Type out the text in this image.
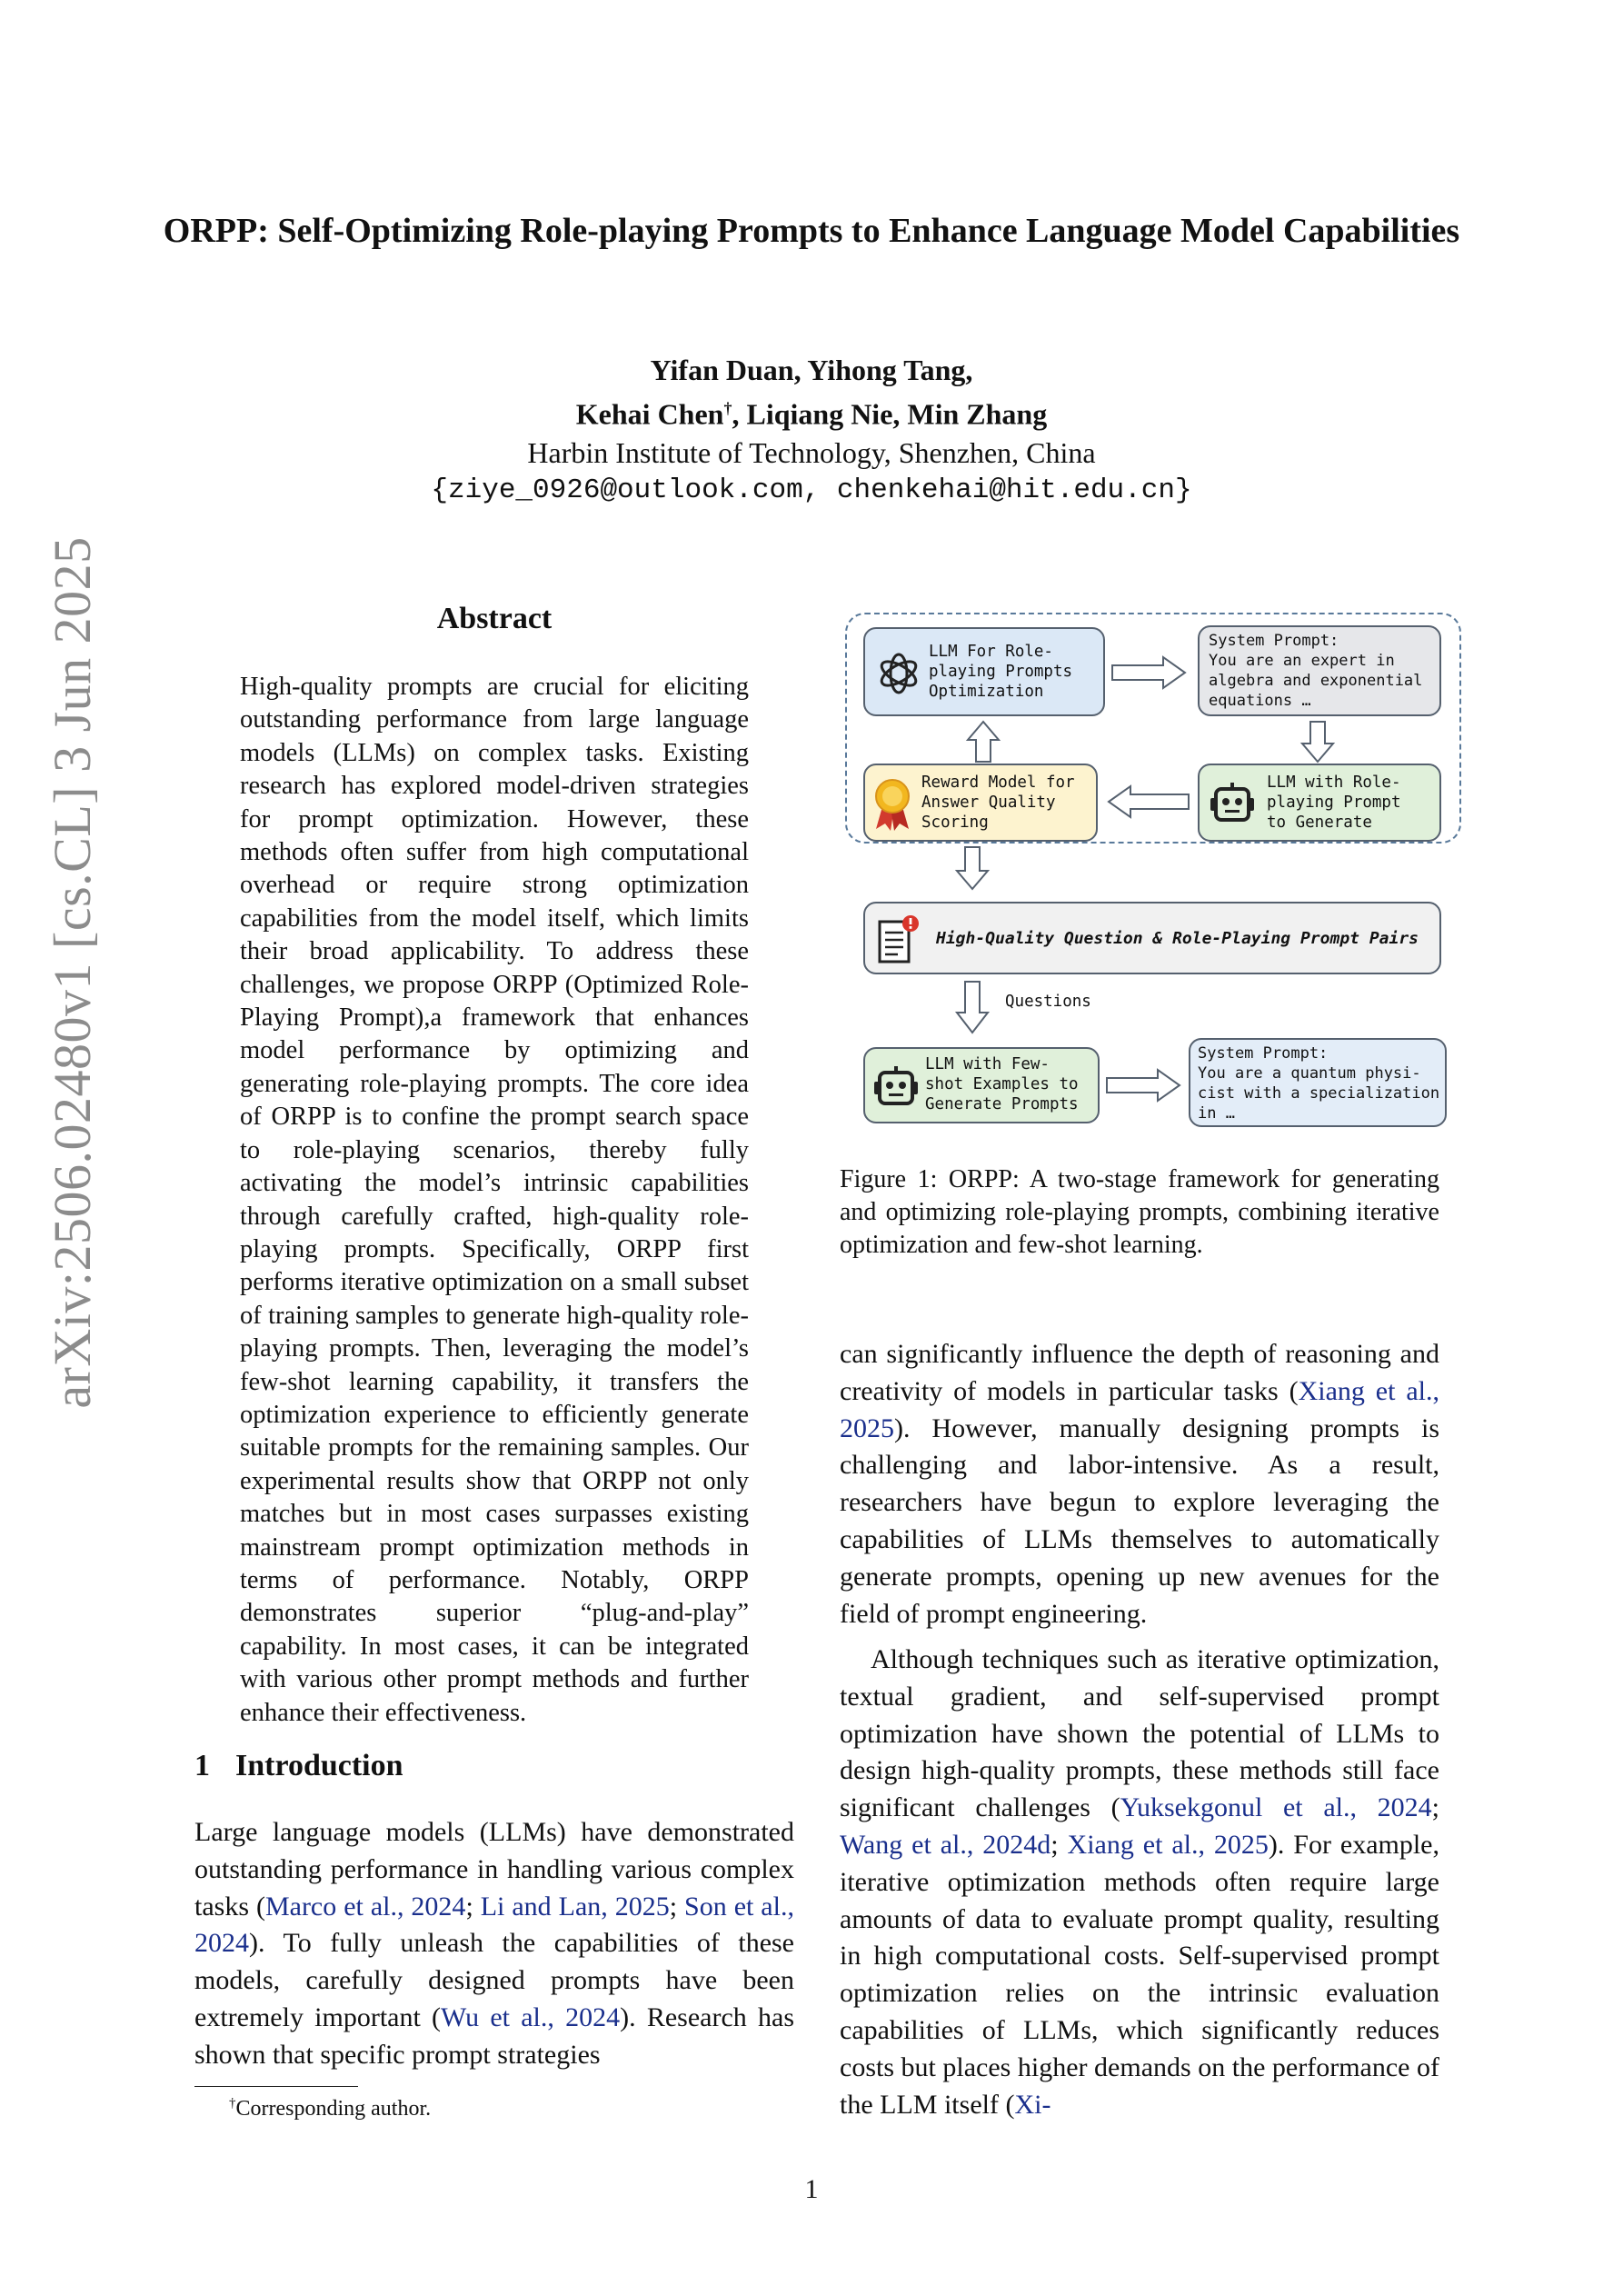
arXiv:2506.02480v1 [cs.CL] 3 Jun 2025
ORPP: Self-Optimizing Role-playing Prompts to Enhance Language Model Capabilities
Yifan Duan, Yihong Tang,
Kehai Chen†, Liqiang Nie, Min Zhang
Harbin Institute of Technology, Shenzhen, China
{ziye_0926@outlook.com, chenkehai@hit.edu.cn}
Abstract
High-quality prompts are crucial for eliciting outstanding performance from large language models (LLMs) on complex tasks. Existing research has explored model-driven strategies for prompt optimization. However, these methods often suffer from high computational overhead or require strong optimization capabilities from the model itself, which limits their broad applicability. To address these challenges, we propose ORPP (Optimized Role-Playing Prompt),a framework that enhances model performance by optimizing and generating role-playing prompts. The core idea of ORPP is to confine the prompt search space to role-playing scenarios, thereby fully activating the model’s intrinsic capabilities through carefully crafted, high-quality role-playing prompts. Specifically, ORPP first performs iterative optimization on a small subset of training samples to generate high-quality role-playing prompts. Then, leveraging the model’s few-shot learning capability, it transfers the optimization experience to efficiently generate suitable prompts for the remaining samples. Our experimental results show that ORPP not only matches but in most cases surpasses existing mainstream prompt optimization methods in terms of performance. Notably, ORPP demonstrates superior “plug-and-play” capability. In most cases, it can be integrated with various other prompt methods and further enhance their effectiveness.
1 Introduction
Large language models (LLMs) have demonstrated outstanding performance in handling various complex tasks (Marco et al., 2024; Li and Lan, 2025; Son et al., 2024). To fully unleash the capabilities of these models, carefully designed prompts have been extremely important (Wu et al., 2024). Research has shown that specific prompt strategies
†Corresponding author.
LLM For Role-
playing Prompts
Optimization
System Prompt:
You are an expert in
algebra and exponential
equations …
Reward Model for
Answer Quality
Scoring
LLM with Role-
playing Prompt
to Generate
High-Quality Question & Role-Playing Prompt Pairs
Questions
LLM with Few-
shot Examples to
Generate Prompts
System Prompt:
You are a quantum physi-
cist with a specialization
in …
Figure 1: ORPP: A two-stage framework for generating and optimizing role-playing prompts, combining iterative optimization and few-shot learning.
can significantly influence the depth of reasoning and creativity of models in particular tasks (Xiang et al., 2025). However, manually designing prompts is challenging and labor-intensive. As a result, researchers have begun to explore leveraging the capabilities of LLMs themselves to automatically generate prompts, opening up new avenues for the field of prompt engineering.
Although techniques such as iterative optimization, textual gradient, and self-supervised prompt optimization have shown the potential of LLMs to design high-quality prompts, these methods still face significant challenges (Yuksekgonul et al., 2024; Wang et al., 2024d; Xiang et al., 2025). For example, iterative optimization methods often require large amounts of data to evaluate prompt quality, resulting in high computational costs. Self-supervised prompt optimization relies on the intrinsic evaluation capabilities of LLMs, which significantly reduces costs but places higher demands on the performance of the LLM itself (Xi-
1
